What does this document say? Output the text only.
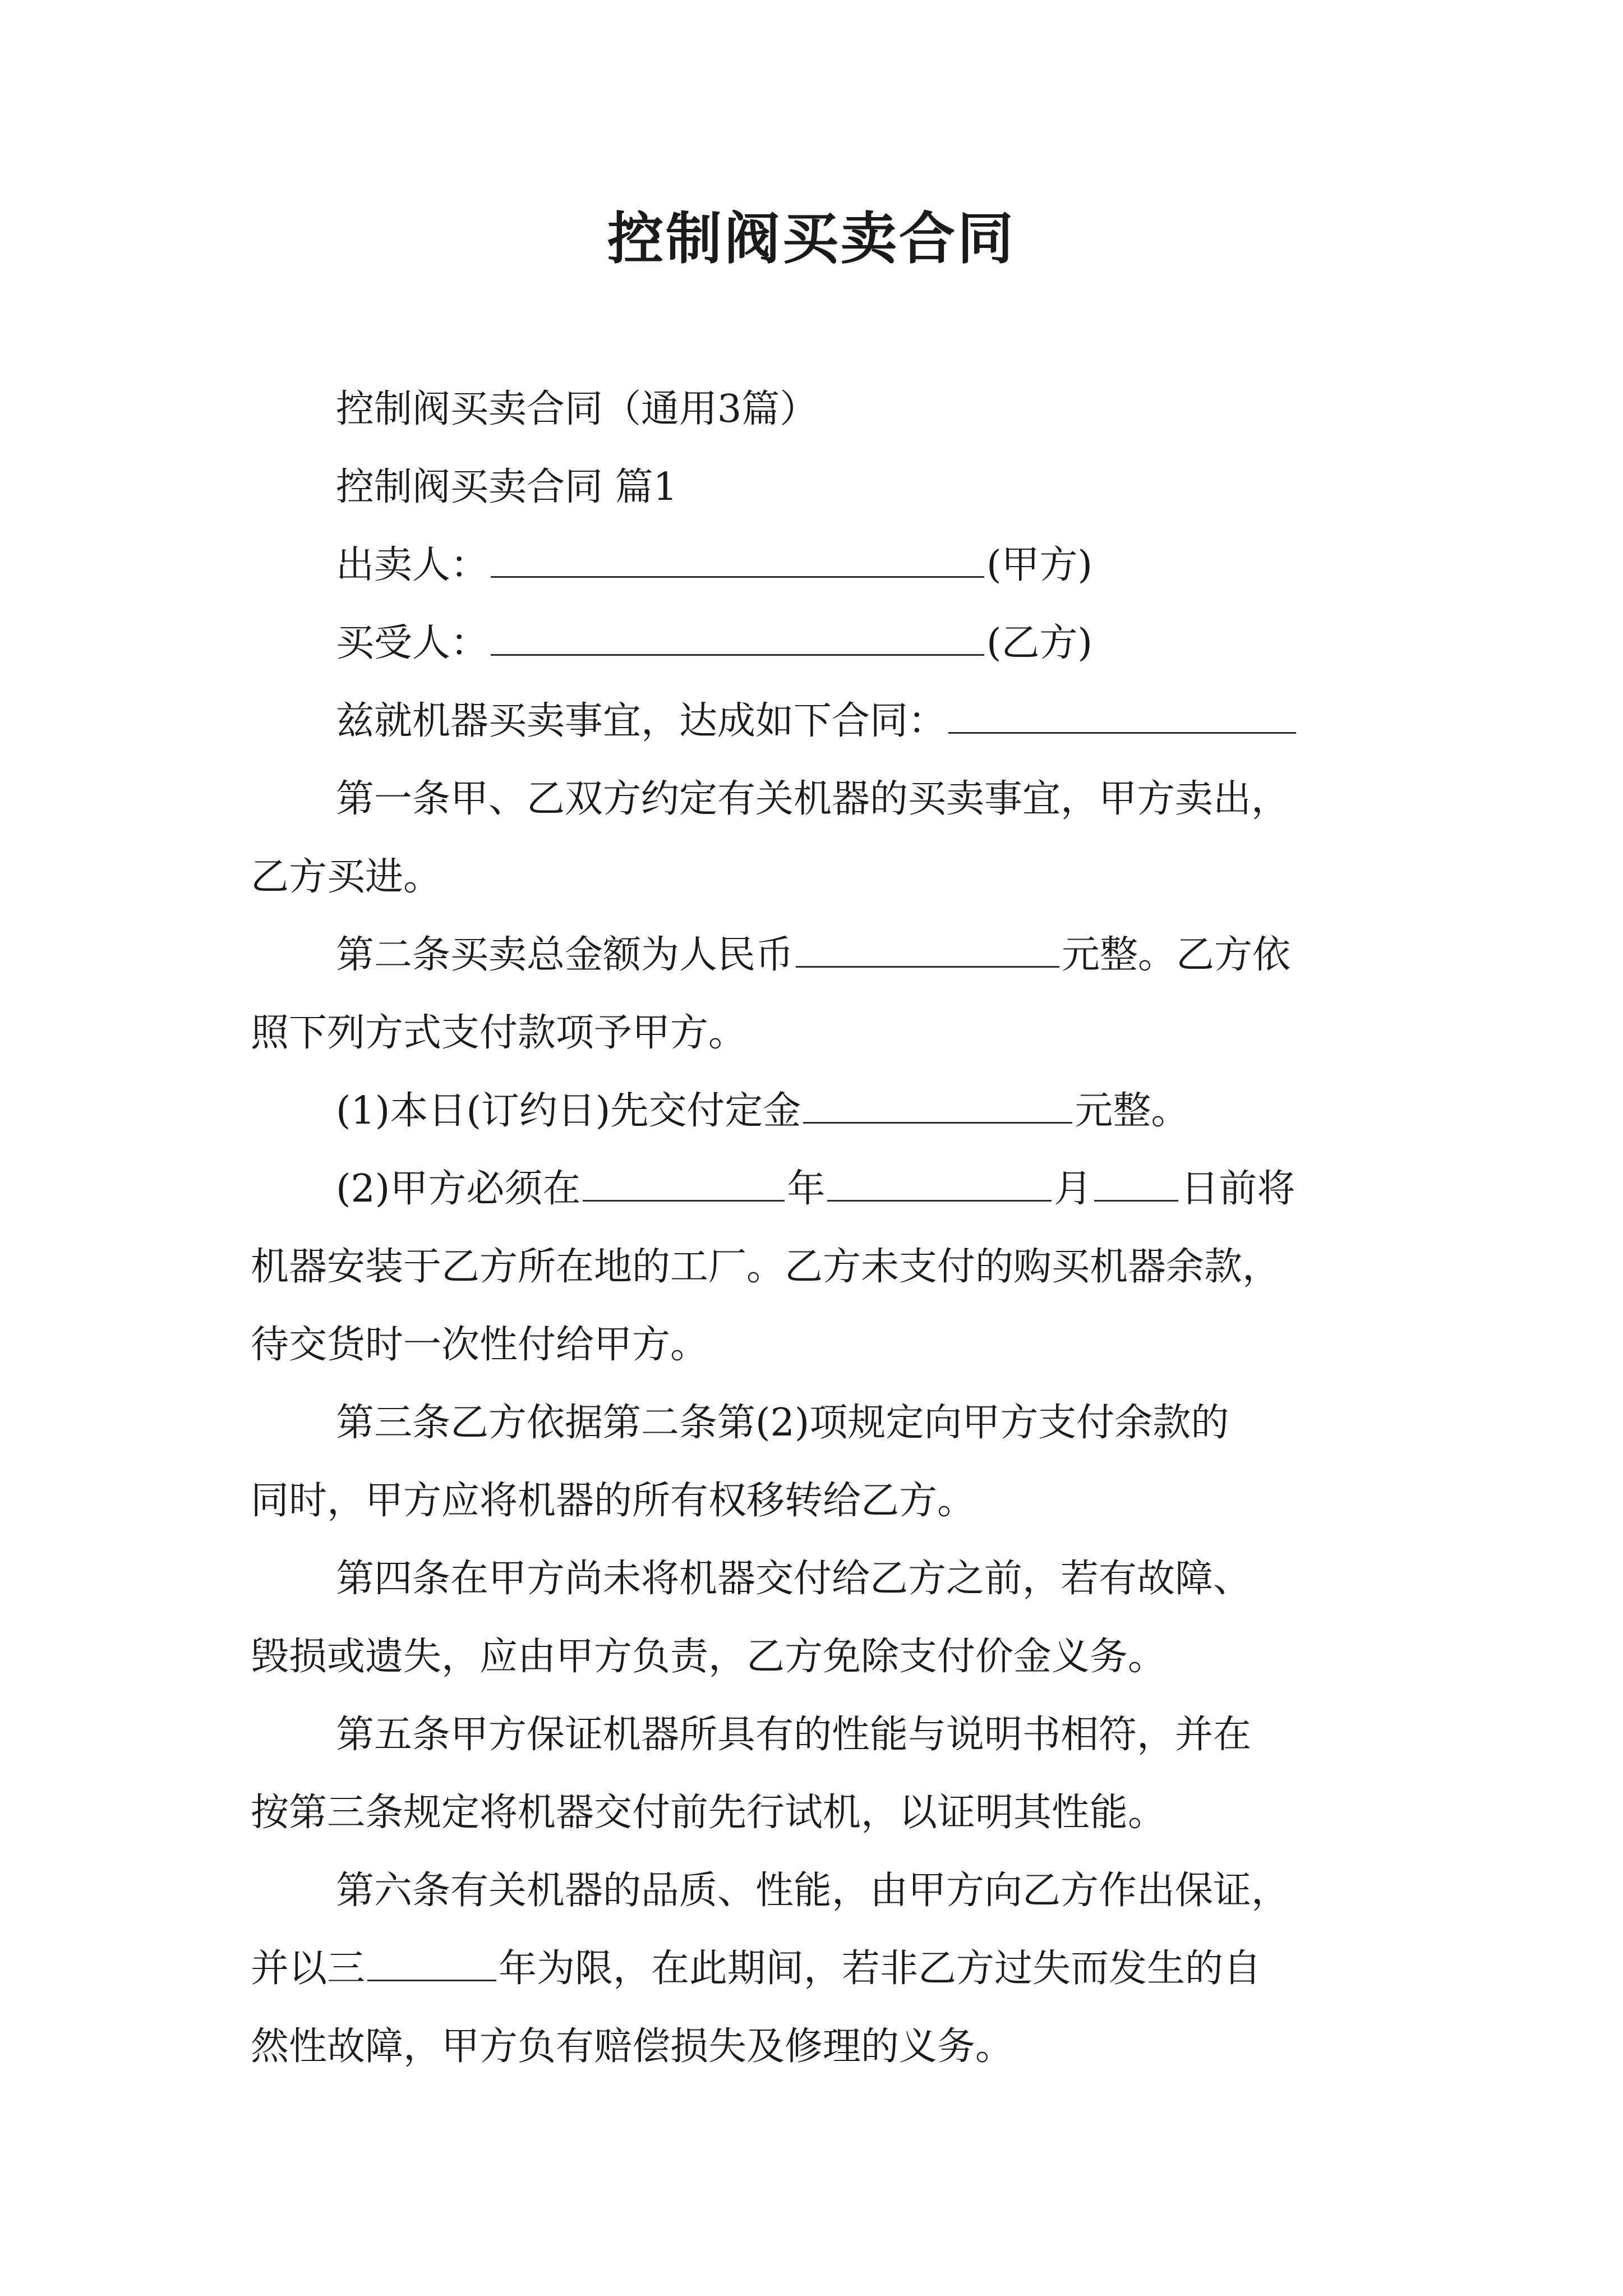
控制阀买卖合同
控制阀买卖合同（通用3篇）
控制阀买卖合同 篇1
出卖人：	(甲方)
买受人：	(乙方)
兹就机器买卖事宜，达成如下合同：
第一条甲、乙双方约定有关机器的买卖事宜，甲方卖出，
乙方买进。
第二条买卖总金额为人民币	元整。乙方依
照下列方式支付款项予甲方。
(1)本日(订约日)先交付定金	元整。
(2)甲方必须在	年	月 日前将
机器安装于乙方所在地的工厂。乙方未支付的购买机器余款，
待交货时一次性付给甲方。
第三条乙方依据第二条第(2)项规定向甲方支付余款的
同时，甲方应将机器的所有权移转给乙方。
第四条在甲方尚未将机器交付给乙方之前，若有故障、
毁损或遗失，应由甲方负责，乙方免除支付价金义务。
第五条甲方保证机器所具有的性能与说明书相符，并在
按第三条规定将机器交付前先行试机，以证明其性能。
第六条有关机器的品质、性能，由甲方向乙方作出保证，
并以三	年为限，在此期间，若非乙方过失而发生的自
然性故障，甲方负有赔偿损失及修理的义务。
